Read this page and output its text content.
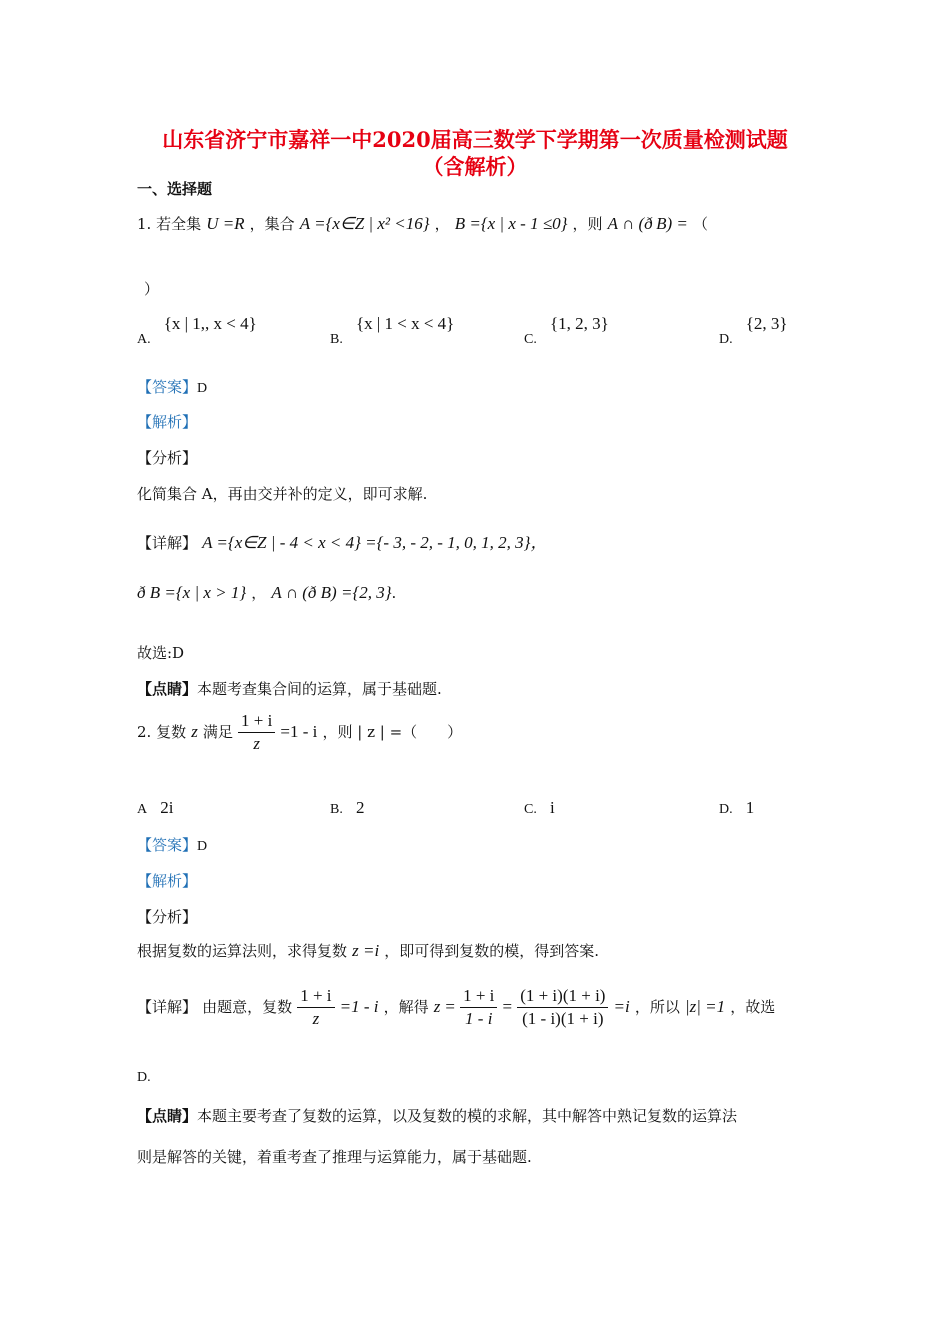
山东省济宁市嘉祥一中2020届高三数学下学期第一次质量检测试题
（含解析）
一、选择题
1. 若全集 U =R ，集合 A ={x∈Z | x² <16} ， B ={x | x - 1 ≤0} ，则 A ∩ (ð B) = （
）
A. {x | 1,, x < 4}
B. {x | 1 < x < 4}
C. {1, 2, 3}
D. {2, 3}
【答案】D
【解析】
【分析】
化简集合 A，再由交并补的定义，即可求解.
【详解】 A ={x∈Z | - 4 < x < 4} ={- 3, - 2, - 1, 0, 1, 2, 3}，
ð B ={x | x > 1} ， A ∩ (ð B) ={2, 3}.
故选:D
【点睛】本题考查集合间的运算，属于基础题.
2. 复数 z 满足 $\frac{1 + i}{z} =1 - i$ ，则 | z | =（　　）
A 2i	B. 2	C. i	D. 1
【答案】D
【解析】
【分析】
根据复数的运算法则，求得复数 z =i ，即可得到复数的模，得到答案.
【详解】 由题意，复数 $\frac{1 + i}{z} =1 - i$ ，解得 $z = \frac{1 + i}{1 - i} = \frac{(1 + i)(1 + i)}{(1 - i)(1 + i)} =i$ ，所以 |z| =1 ，故选
D.
【点睛】本题主要考查了复数的运算，以及复数的模的求解，其中解答中熟记复数的运算法
则是解答的关键，着重考查了推理与运算能力，属于基础题.
